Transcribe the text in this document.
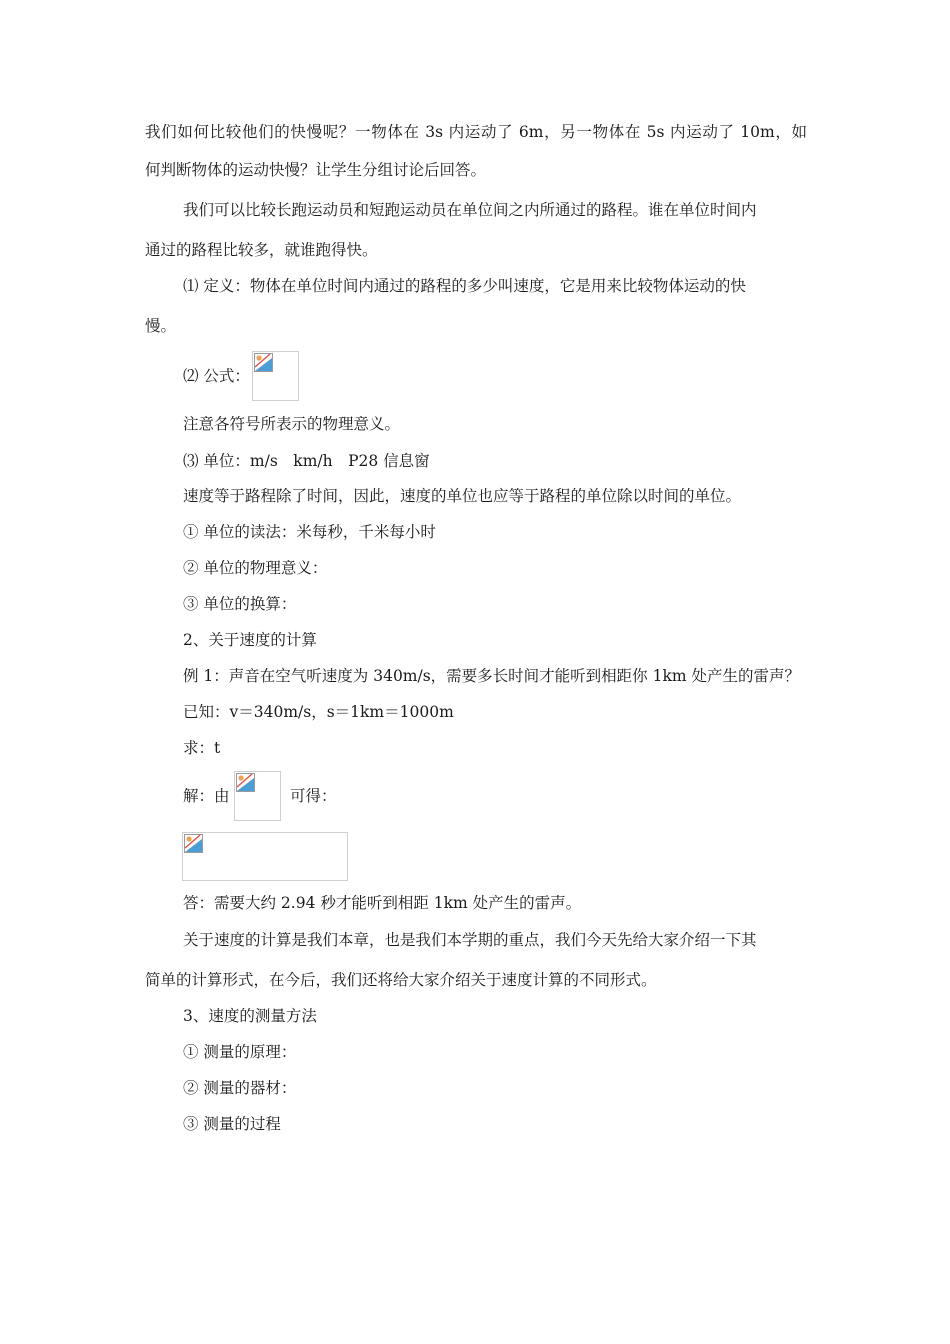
我们如何比较他们的快慢呢？一物体在 3s 内运动了 6m，另一物体在 5s 内运动了 10m，如
何判断物体的运动快慢？让学生分组讨论后回答。
我们可以比较长跑运动员和短跑运动员在单位间之内所通过的路程。谁在单位时间内
通过的路程比较多，就谁跑得快。
⑴ 定义：物体在单位时间内通过的路程的多少叫速度，它是用来比较物体运动的快
慢。
⑵ 公式：
注意各符号所表示的物理意义。
⑶ 单位：m/s　km/h　P28 信息窗
速度等于路程除了时间，因此，速度的单位也应等于路程的单位除以时间的单位。
① 单位的读法：米每秒，千米每小时
② 单位的物理意义：
③ 单位的换算：
2、关于速度的计算
例 1：声音在空气听速度为 340m/s，需要多长时间才能听到相距你 1km 处产生的雷声？
已知：v＝340m/s，s＝1km＝1000m
求：t
解：由	可得：
答：需要大约 2.94 秒才能听到相距 1km 处产生的雷声。
关于速度的计算是我们本章，也是我们本学期的重点，我们今天先给大家介绍一下其
简单的计算形式，在今后，我们还将给大家介绍关于速度计算的不同形式。
3、速度的测量方法
① 测量的原理：
② 测量的器材：
③ 测量的过程
